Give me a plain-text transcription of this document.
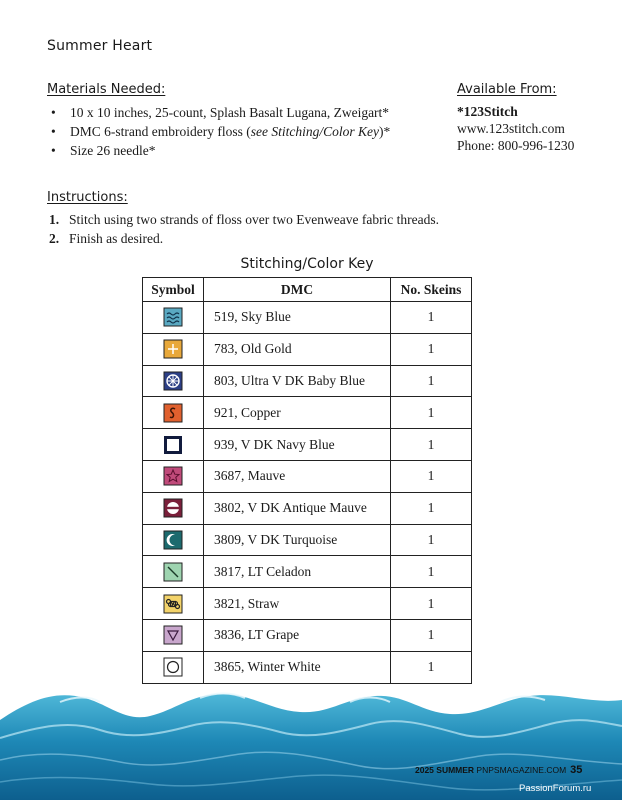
Summer Heart
Materials Needed:
• 10 x 10 inches, 25-count, Splash Basalt Lugana, Zweigart*
• DMC 6-strand embroidery floss (see Stitching/Color Key)*
• Size 26 needle*
Available From:
*123Stitch
www.123stitch.com
Phone: 800-996-1230
Instructions:
1. Stitch using two strands of floss over two Evenweave fabric threads.
2. Finish as desired.
Stitching/Color Key
Symbol	DMC	No. Skeins

	519, Sky Blue	1

	783, Old Gold	1

	803, Ultra V DK Baby Blue	1

	921, Copper	1

	939, V DK Navy Blue	1

	3687, Mauve	1

	3802, V DK Antique Mauve	1

	3809, V DK Turquoise	1

	3817, LT Celadon	1

	3821, Straw	1

	3836, LT Grape	1

	3865, Winter White	1
2025 SUMMER PNPSMAGAZINE.COM 35
PassionForum.ru
